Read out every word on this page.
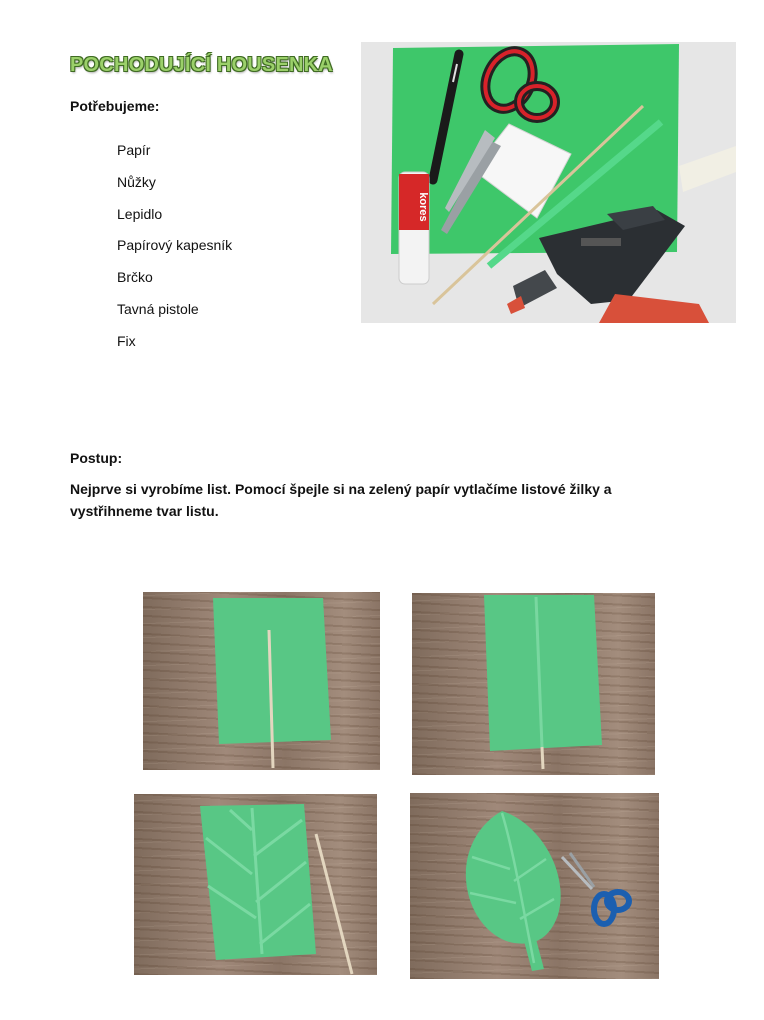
POCHODUJÍCÍ HOUSENKA
Potřebujeme:
Papír
Nůžky
Lepidlo
Papírový kapesník
Brčko
Tavná pistole
Fix
kores
Postup:
Nejprve si vyrobíme list. Pomocí špejle si na zelený papír vytlačíme listové žilky a vystřihneme tvar listu.
